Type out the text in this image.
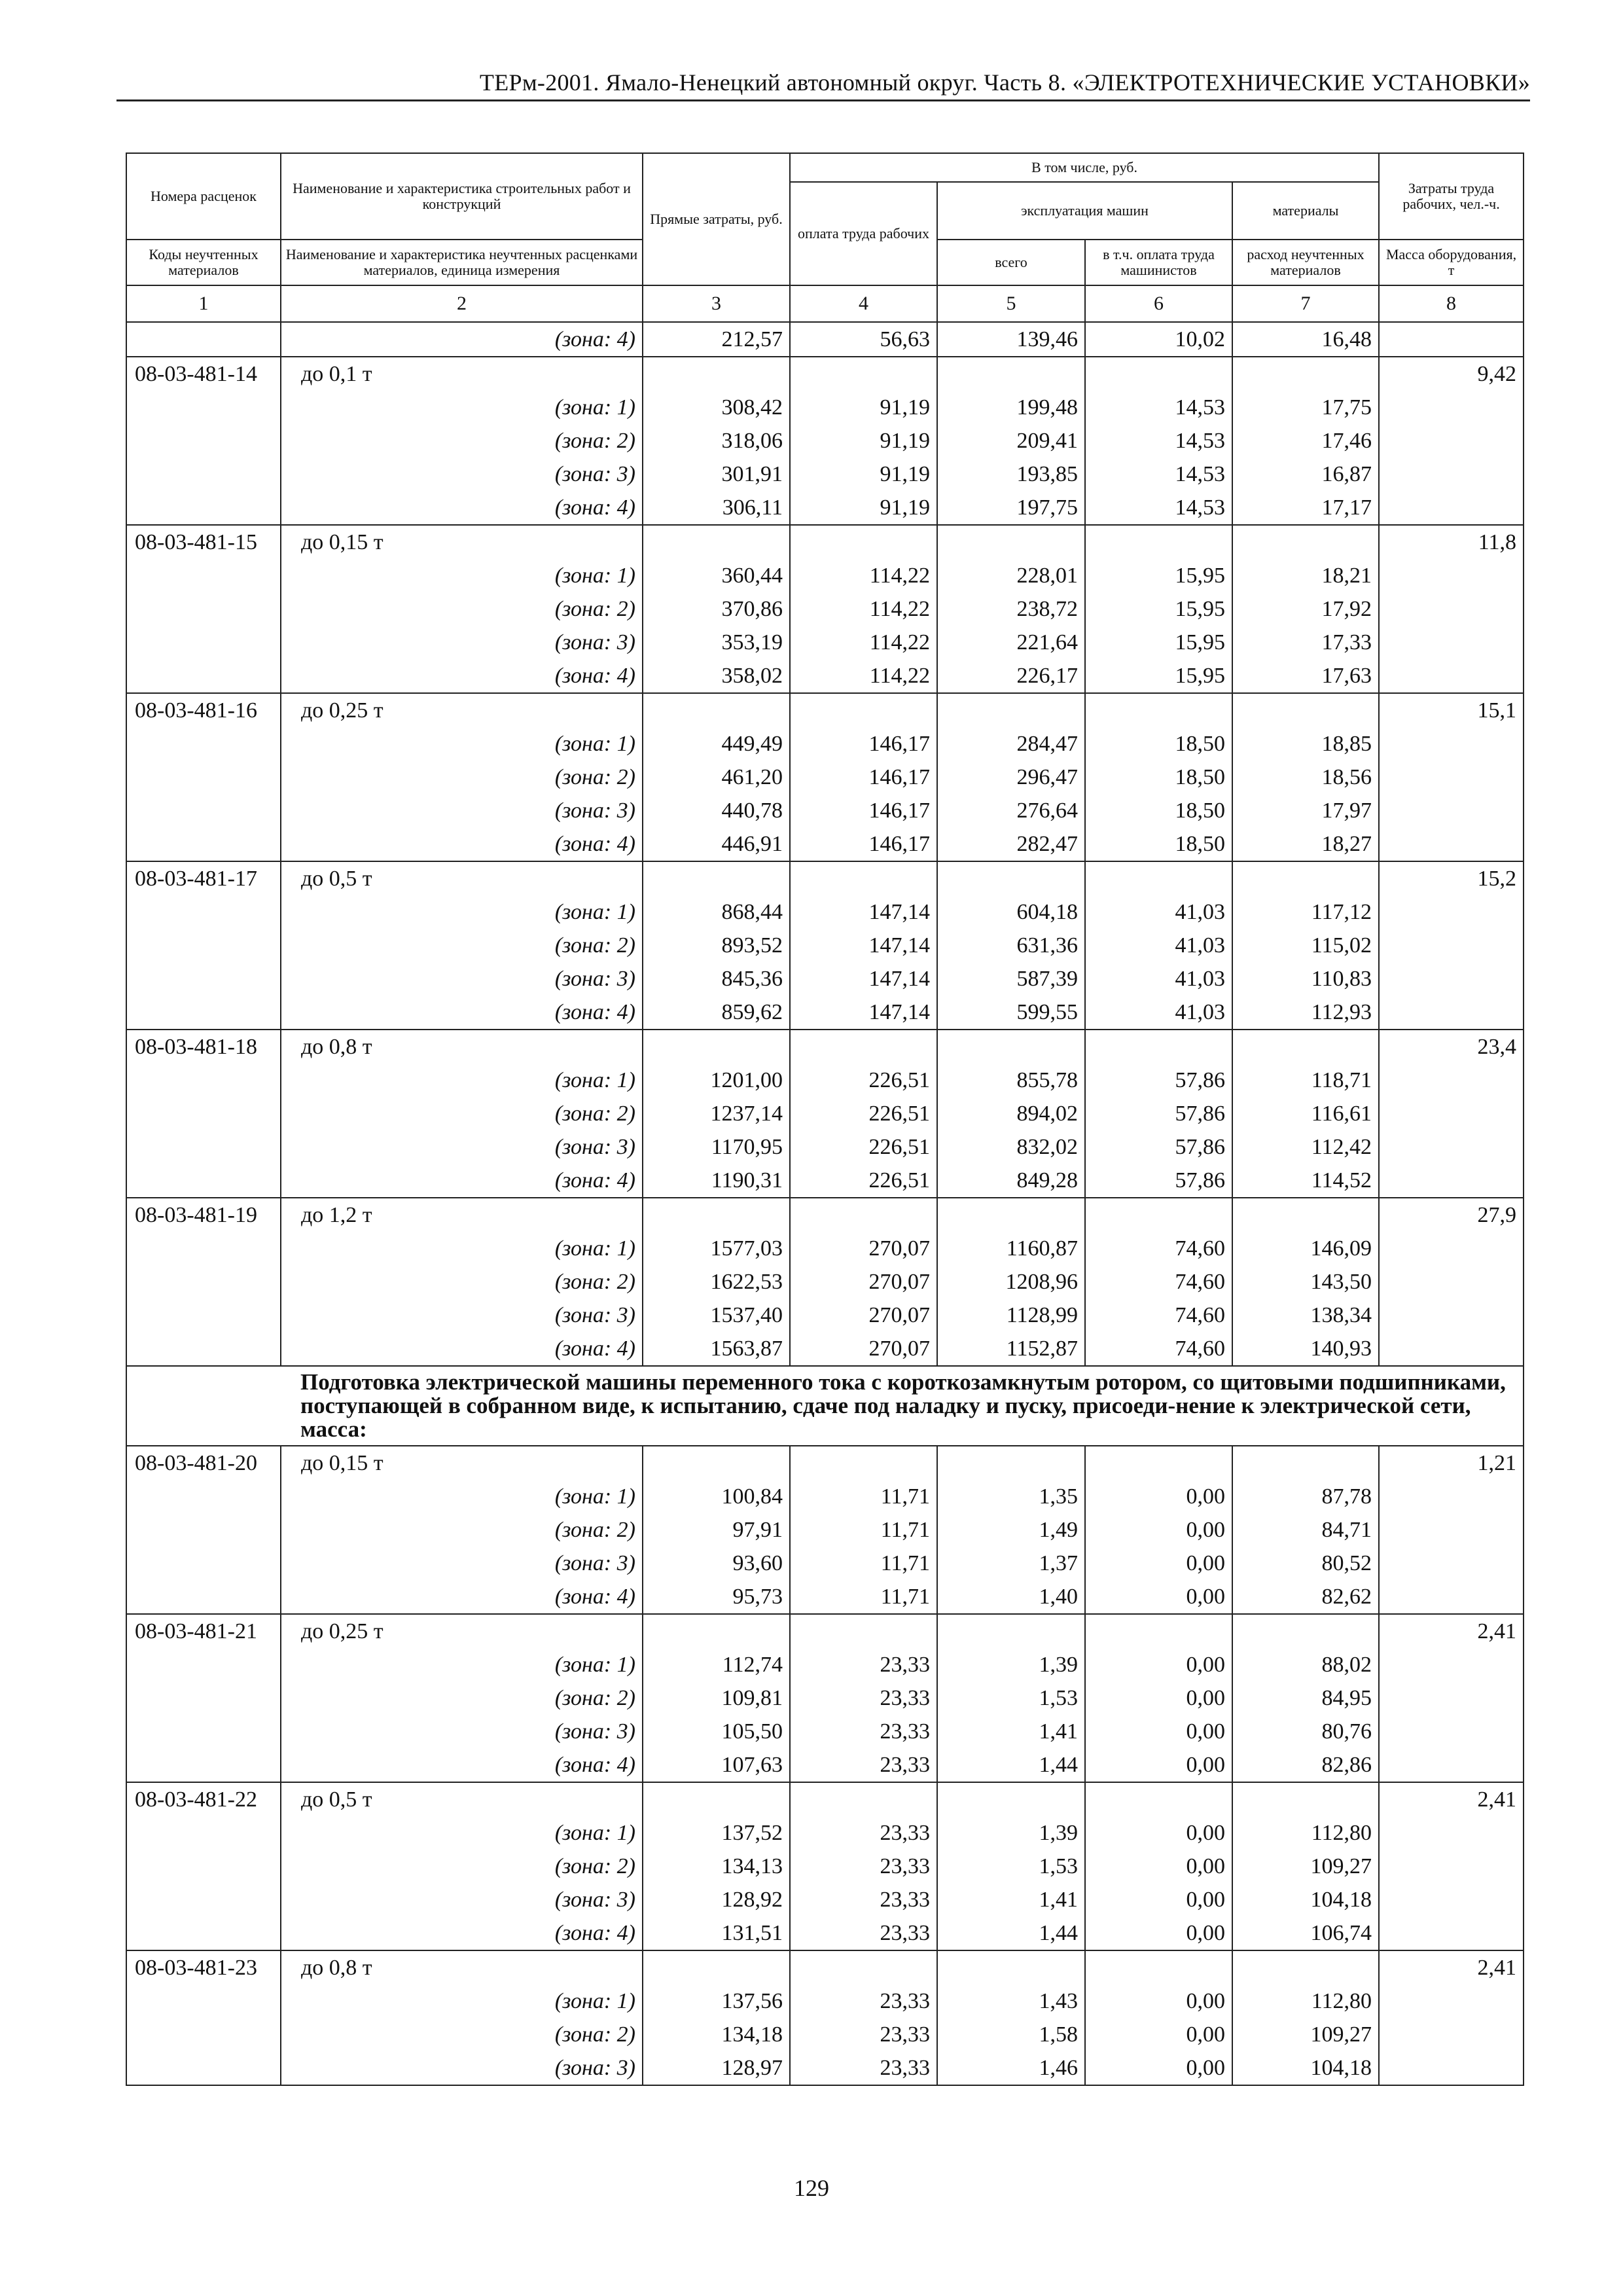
ТЕРм-2001. Ямало-Ненецкий автономный округ. Часть 8. «ЭЛЕКТРОТЕХНИЧЕСКИЕ УСТАНОВКИ»
Номера расценок	Наименование и характеристика строительных работ и конструкций	Прямые затраты, руб.	В том числе, руб.				Затраты труда рабочих, чел.-ч.
			оплата труда рабочих	эксплуатация машин		материалы	

Коды неучтенных материалов	Наименование и характеристика неучтенных расценками материалов, единица измерения			всего	в т.ч. оплата труда машинистов	расход неучтенных материалов	Масса оборудования, т
1	2	3	4	5	6	7	8
	(зона: 4)	212,57	56,63	139,46	10,02	16,48	
08-03-481-14	до 0,1 т						9,42
	(зона: 1)	308,42	91,19	199,48	14,53	17,75	
	(зона: 2)	318,06	91,19	209,41	14,53	17,46	
	(зона: 3)	301,91	91,19	193,85	14,53	16,87	
	(зона: 4)	306,11	91,19	197,75	14,53	17,17	
08-03-481-15	до 0,15 т						11,8
	(зона: 1)	360,44	114,22	228,01	15,95	18,21	
	(зона: 2)	370,86	114,22	238,72	15,95	17,92	
	(зона: 3)	353,19	114,22	221,64	15,95	17,33	
	(зона: 4)	358,02	114,22	226,17	15,95	17,63	
08-03-481-16	до 0,25 т						15,1
	(зона: 1)	449,49	146,17	284,47	18,50	18,85	
	(зона: 2)	461,20	146,17	296,47	18,50	18,56	
	(зона: 3)	440,78	146,17	276,64	18,50	17,97	
	(зона: 4)	446,91	146,17	282,47	18,50	18,27	
08-03-481-17	до 0,5 т						15,2
	(зона: 1)	868,44	147,14	604,18	41,03	117,12	
	(зона: 2)	893,52	147,14	631,36	41,03	115,02	
	(зона: 3)	845,36	147,14	587,39	41,03	110,83	
	(зона: 4)	859,62	147,14	599,55	41,03	112,93	
08-03-481-18	до 0,8 т						23,4
	(зона: 1)	1201,00	226,51	855,78	57,86	118,71	
	(зона: 2)	1237,14	226,51	894,02	57,86	116,61	
	(зона: 3)	1170,95	226,51	832,02	57,86	112,42	
	(зона: 4)	1190,31	226,51	849,28	57,86	114,52	
08-03-481-19	до 1,2 т						27,9
	(зона: 1)	1577,03	270,07	1160,87	74,60	146,09	
	(зона: 2)	1622,53	270,07	1208,96	74,60	143,50	
	(зона: 3)	1537,40	270,07	1128,99	74,60	138,34	
	(зона: 4)	1563,87	270,07	1152,87	74,60	140,93	
	Подготовка электрической машины переменного тока с короткозамкнутым ротором, со щитовыми подшипниками, поступающей в собранном виде, к испытанию, сдаче под наладку и пуску, присоеди-нение к электрической сети, масса:						
08-03-481-20	до 0,15 т						1,21
	(зона: 1)	100,84	11,71	1,35	0,00	87,78	
	(зона: 2)	97,91	11,71	1,49	0,00	84,71	
	(зона: 3)	93,60	11,71	1,37	0,00	80,52	
	(зона: 4)	95,73	11,71	1,40	0,00	82,62	
08-03-481-21	до 0,25 т						2,41
	(зона: 1)	112,74	23,33	1,39	0,00	88,02	
	(зона: 2)	109,81	23,33	1,53	0,00	84,95	
	(зона: 3)	105,50	23,33	1,41	0,00	80,76	
	(зона: 4)	107,63	23,33	1,44	0,00	82,86	
08-03-481-22	до 0,5 т						2,41
	(зона: 1)	137,52	23,33	1,39	0,00	112,80	
	(зона: 2)	134,13	23,33	1,53	0,00	109,27	
	(зона: 3)	128,92	23,33	1,41	0,00	104,18	
	(зона: 4)	131,51	23,33	1,44	0,00	106,74	
08-03-481-23	до 0,8 т						2,41
	(зона: 1)	137,56	23,33	1,43	0,00	112,80	
	(зона: 2)	134,18	23,33	1,58	0,00	109,27	
	(зона: 3)	128,97	23,33	1,46	0,00	104,18	
129
